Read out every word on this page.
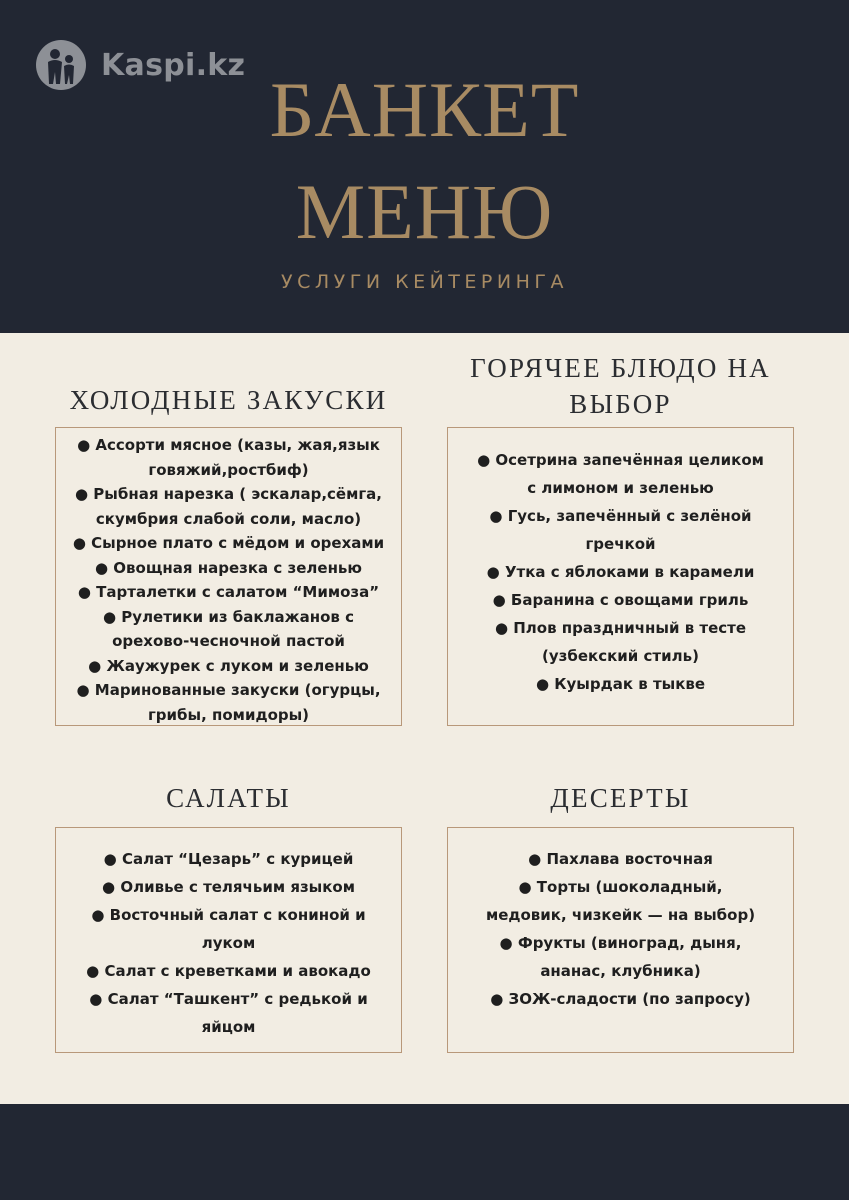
Kaspi.kz
БАНКЕТ
МЕНЮ
УСЛУГИ КЕЙТЕРИНГА
ХОЛОДНЫЕ ЗАКУСКИ
● Ассорти мясное (казы, жая,язык говяжий,ростбиф)
● Рыбная нарезка ( эскалар,сёмга, скумбрия слабой соли, масло)
● Сырное плато с мёдом и орехами
● Овощная нарезка с зеленью
● Тарталетки с салатом “Мимоза”
● Рулетики из баклажанов с орехово-чесночной пастой
● Жаужурек с луком и зеленью
● Маринованные закуски (огурцы, грибы, помидоры)
ГОРЯЧЕЕ БЛЮДО НА ВЫБОР
● Осетрина запечённая целиком с лимоном и зеленью
● Гусь, запечённый с зелёной гречкой
● Утка с яблоками в карамели
● Баранина с овощами гриль
● Плов праздничный в тесте (узбекский стиль)
● Куырдак в тыкве
САЛАТЫ
● Салат “Цезарь” с курицей
● Оливье с телячьим языком
● Восточный салат с кониной и луком
● Салат с креветками и авокадо
● Салат “Ташкент” с редькой и яйцом
ДЕСЕРТЫ
● Пахлава восточная
● Торты (шоколадный, медовик, чизкейк — на выбор)
● Фрукты (виноград, дыня, ананас, клубника)
● ЗОЖ-сладости (по запросу)
